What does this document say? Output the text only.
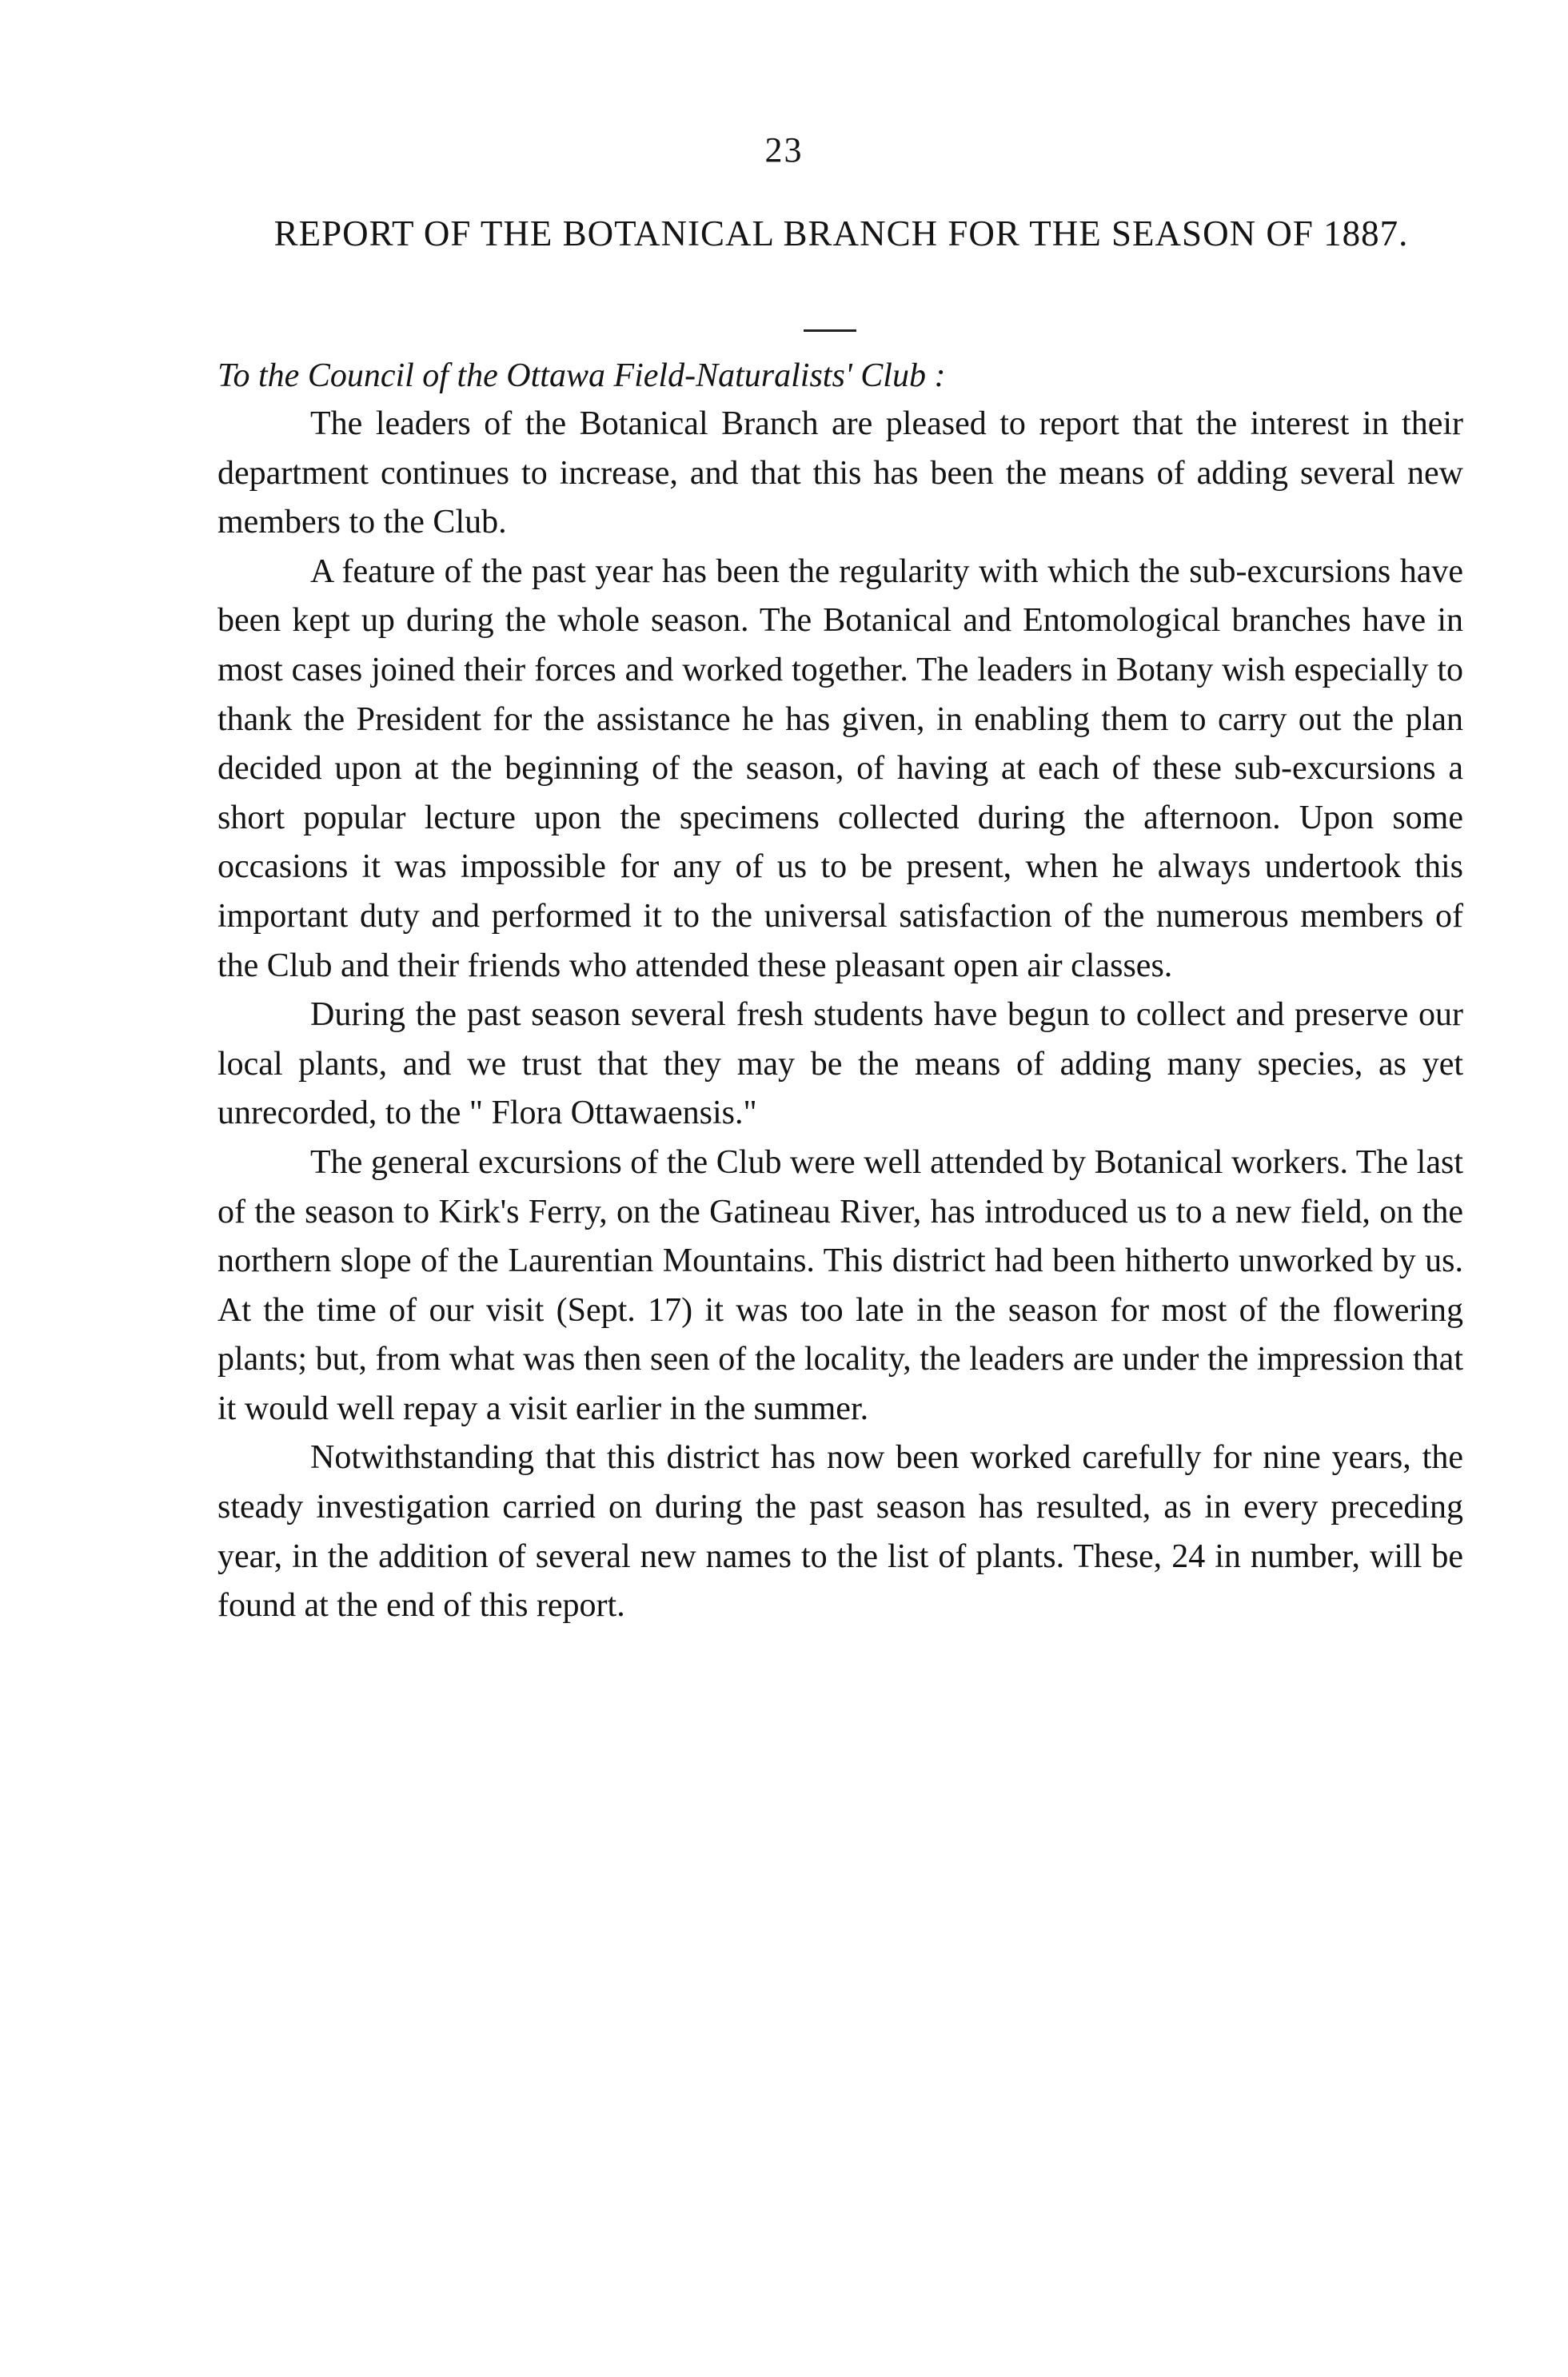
23
REPORT OF THE BOTANICAL BRANCH FOR THE SEASON OF 1887.

To the Council of the Ottawa Field-Naturalists' Club :

The leaders of the Botanical Branch are pleased to report that the interest in their department continues to increase, and that this has been the means of adding several new members to the Club.

A feature of the past year has been the regularity with which the sub-excursions have been kept up during the whole season. The Botanical and Entomological branches have in most cases joined their forces and worked together. The leaders in Botany wish especially to thank the President for the assistance he has given, in enabling them to carry out the plan decided upon at the beginning of the season, of having at each of these sub-excursions a short popular lecture upon the specimens collected during the afternoon. Upon some occasions it was impossible for any of us to be present, when he always undertook this important duty and performed it to the universal satisfaction of the numerous members of the Club and their friends who attended these pleasant open air classes.

During the past season several fresh students have begun to collect and preserve our local plants, and we trust that they may be the means of adding many species, as yet unrecorded, to the " Flora Ottawaensis."

The general excursions of the Club were well attended by Botanical workers. The last of the season to Kirk's Ferry, on the Gatineau River, has introduced us to a new field, on the northern slope of the Laurentian Mountains. This district had been hitherto unworked by us. At the time of our visit (Sept. 17) it was too late in the season for most of the flowering plants; but, from what was then seen of the locality, the leaders are under the impression that it would well repay a visit earlier in the summer.

Notwithstanding that this district has now been worked carefully for nine years, the steady investigation carried on during the past season has resulted, as in every preceding year, in the addition of several new names to the list of plants. These, 24 in number, will be found at the end of this report.
